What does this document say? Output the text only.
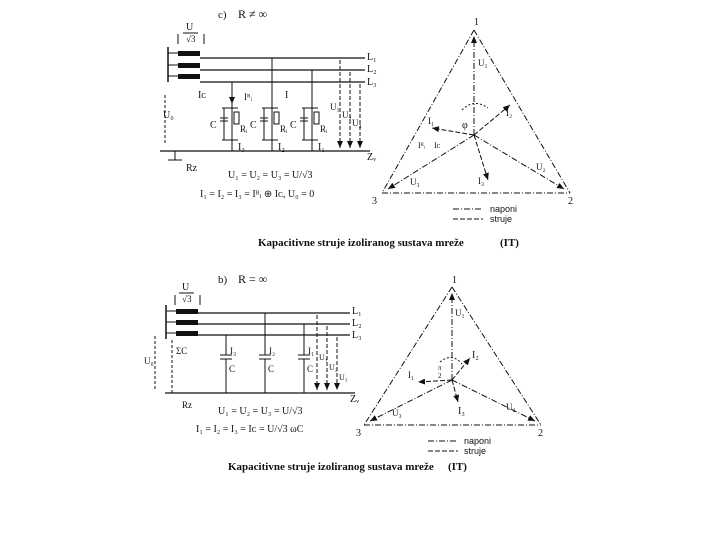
c) R ≠ ∞
U
√3
L₁
L₂
L₃
Zᵥ
Rᴢ
U₀
Iᴄ	Iᴿᵢ	I
C	Rᵢ
I₃
C	Rᵢ
I₂
C	Rᵢ
I₁
U₁
U₂
U₃
U₁ = U₂ = U₃ = U/√3
I₁ = I₂ = I₃ = Iᴿᵢ ⊕ Iᴄ, U₀ = 0
1
2
3
U₁
U₂
U₃
I₁
I₂
I₃
φ
Iᴿᵢ Iᴄ
naponi
struje
Kapacitivne struje izoliranog sustava mreže	(IT)
b) R = ∞
U
√3
L₁
L₂
L₃
Zᵥ
ΣC
Rᴢ
U₀
I₃	I₂	I₁
C	C	C
U₁
U₂
U₃
U₁ = U₂ = U₃ = U/√3
I₁ = I₂ = I₃ = Iᴄ = U/√3 ωC
1
2
3
U₁
U₂
U₃
I₁
I₂
I₃
π
2
naponi
struje
Kapacitivne struje izoliranog sustava mreže (IT)
